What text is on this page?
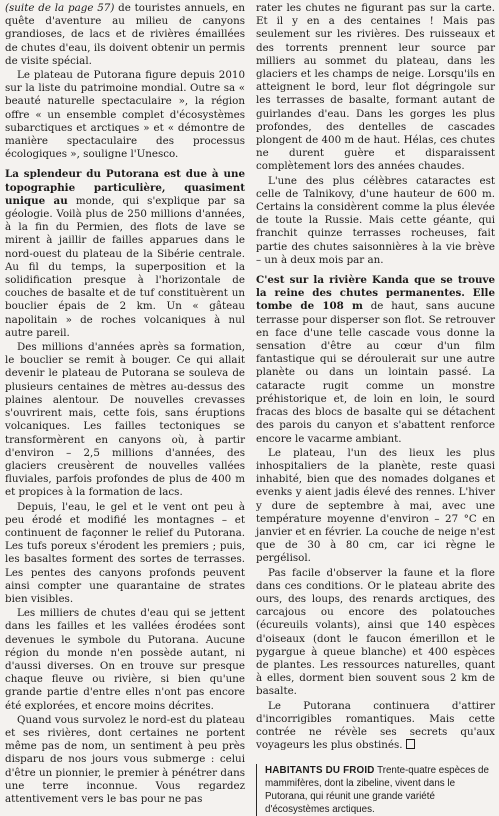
(suite de la page 57) de touristes annuels, en quête d'aventure au milieu de canyons grandioses, de lacs et de rivières émaillées de chutes d'eau, ils doivent obtenir un permis de visite spécial.

Le plateau de Putorana figure depuis 2010 sur la liste du patrimoine mondial. Outre sa « beauté naturelle spectaculaire », la région offre « un ensemble complet d'écosystèmes subarctiques et arctiques » et « démontre de manière spectaculaire des processus écologiques », souligne l'Unesco.

La splendeur du Putorana est due à une topographie particulière, quasiment unique au monde, qui s'explique par sa géologie. Voilà plus de 250 millions d'années, à la fin du Permien, des flots de lave se mirent à jaillir de failles apparues dans le nord-ouest du plateau de la Sibérie centrale. Au fil du temps, la superposition et la solidification presque à l'horizontale de couches de basalte et de tuf constituèrent un bouclier épais de 2 km. Un « gâteau napolitain » de roches volcaniques à nul autre pareil.

Des millions d'années après sa formation, le bouclier se remit à bouger. Ce qui allait devenir le plateau de Putorana se souleva de plusieurs centaines de mètres au-dessus des plaines alentour. De nouvelles crevasses s'ouvrirent mais, cette fois, sans éruptions volcaniques. Les failles tectoniques se transformèrent en canyons où, à partir d'environ – 2,5 millions d'années, des glaciers creusèrent de nouvelles vallées fluviales, parfois profondes de plus de 400 m et propices à la formation de lacs.

Depuis, l'eau, le gel et le vent ont peu à peu érodé et modifié les montagnes – et continuent de façonner le relief du Putorana. Les tufs poreux s'érodent les premiers ; puis, les basaltes forment des sortes de terrasses. Les pentes des canyons profonds peuvent ainsi compter une quarantaine de strates bien visibles.

Les milliers de chutes d'eau qui se jettent dans les failles et les vallées érodées sont devenues le symbole du Putorana. Aucune région du monde n'en possède autant, ni d'aussi diverses. On en trouve sur presque chaque fleuve ou rivière, si bien qu'une grande partie d'entre elles n'ont pas encore été explorées, et encore moins décrites.

Quand vous survolez le nord-est du plateau et ses rivières, dont certaines ne portent même pas de nom, un sentiment à peu près disparu de nos jours vous submerge : celui d'être un pionnier, le premier à pénétrer dans une terre inconnue. Vous regardez attentivement vers le bas pour ne pas

rater les chutes ne figurant pas sur la carte. Et il y en a des centaines ! Mais pas seulement sur les rivières. Des ruisseaux et des torrents prennent leur source par milliers au sommet du plateau, dans les glaciers et les champs de neige. Lorsqu'ils en atteignent le bord, leur flot dégringole sur les terrasses de basalte, formant autant de guirlandes d'eau. Dans les gorges les plus profondes, des dentelles de cascades plongent de 400 m de haut. Hélas, ces chutes ne durent guère et disparaissent complètement lors des années chaudes.

L'une des plus célèbres cataractes est celle de Talnikovy, d'une hauteur de 600 m. Certains la considèrent comme la plus élevée de toute la Russie. Mais cette géante, qui franchit quinze terrasses rocheuses, fait partie des chutes saisonnières à la vie brève – un à deux mois par an.

C'est sur la rivière Kanda que se trouve la reine des chutes permanentes. Elle tombe de 108 m de haut, sans aucune terrasse pour disperser son flot. Se retrouver en face d'une telle cascade vous donne la sensation d'être au cœur d'un film fantastique qui se déroulerait sur une autre planète ou dans un lointain passé. La cataracte rugit comme un monstre préhistorique et, de loin en loin, le sourd fracas des blocs de basalte qui se détachent des parois du canyon et s'abattent renforce encore le vacarme ambiant.

Le plateau, l'un des lieux les plus inhospitaliers de la planète, reste quasi inhabité, bien que des nomades dolganes et evenks y aient jadis élevé des rennes. L'hiver y dure de septembre à mai, avec une température moyenne d'environ – 27 °C en janvier et en février. La couche de neige n'est que de 30 à 80 cm, car ici règne le pergélisol.

Pas facile d'observer la faune et la flore dans ces conditions. Or le plateau abrite des ours, des loups, des renards arctiques, des carcajous ou encore des polatouches (écureuils volants), ainsi que 140 espèces d'oiseaux (dont le faucon émerillon et le pygargue à queue blanche) et 400 espèces de plantes. Les ressources naturelles, quant à elles, dorment bien souvent sous 2 km de basalte.

Le Putorana continuera d'attirer d'incorrigibles romantiques. Mais cette contrée ne révèle ses secrets qu'aux voyageurs les plus obstinés.

HABITANTS DU FROID Trente-quatre espèces de mammifères, dont la zibeline, vivent dans le Putorana, qui réunit une grande variété d'écosystèmes arctiques.
